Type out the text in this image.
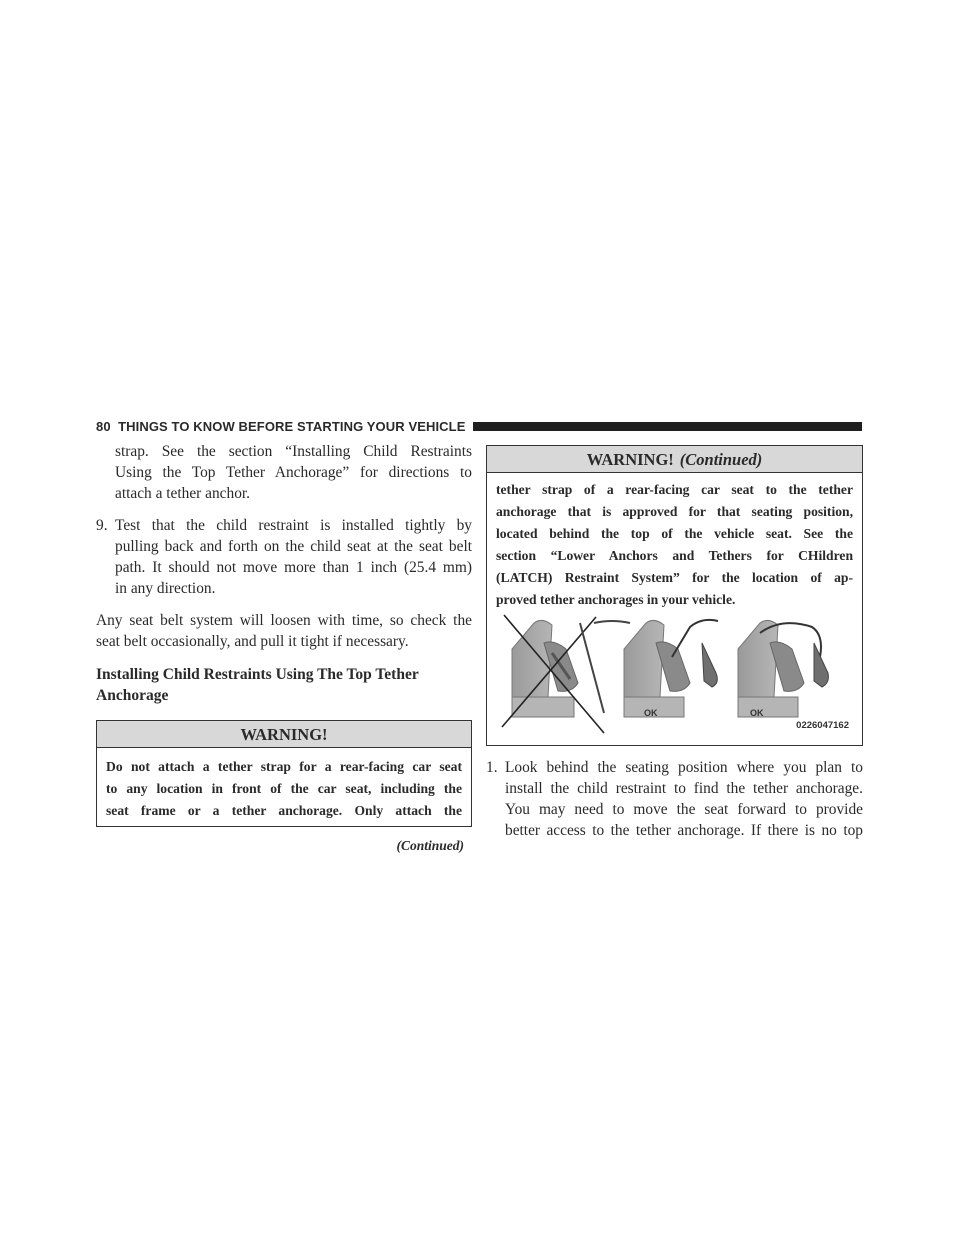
80 THINGS TO KNOW BEFORE STARTING YOUR VEHICLE
strap. See the section “Installing Child Restraints
Using the Top Tether Anchorage” for directions to
attach a tether anchor.
9. Test that the child restraint is installed tightly by
pulling back and forth on the child seat at the seat belt
path. It should not move more than 1 inch (25.4 mm)
in any direction.
Any seat belt system will loosen with time, so check the
seat belt occasionally, and pull it tight if necessary.
Installing Child Restraints Using The Top Tether Anchorage
WARNING!
Do not attach a tether strap for a rear-facing car seat
to any location in front of the car seat, including the
seat frame or a tether anchorage. Only attach the
(Continued)
WARNING! (Continued)
tether strap of a rear-facing car seat to the tether
anchorage that is approved for that seating position,
located behind the top of the vehicle seat. See the
section “Lower Anchors and Tethers for CHildren
(LATCH) Restraint System” for the location of ap-
proved tether anchorages in your vehicle.
OK	OK
0226047162
1. Look behind the seating position where you plan to
install the child restraint to find the tether anchorage.
You may need to move the seat forward to provide
better access to the tether anchorage. If there is no top
